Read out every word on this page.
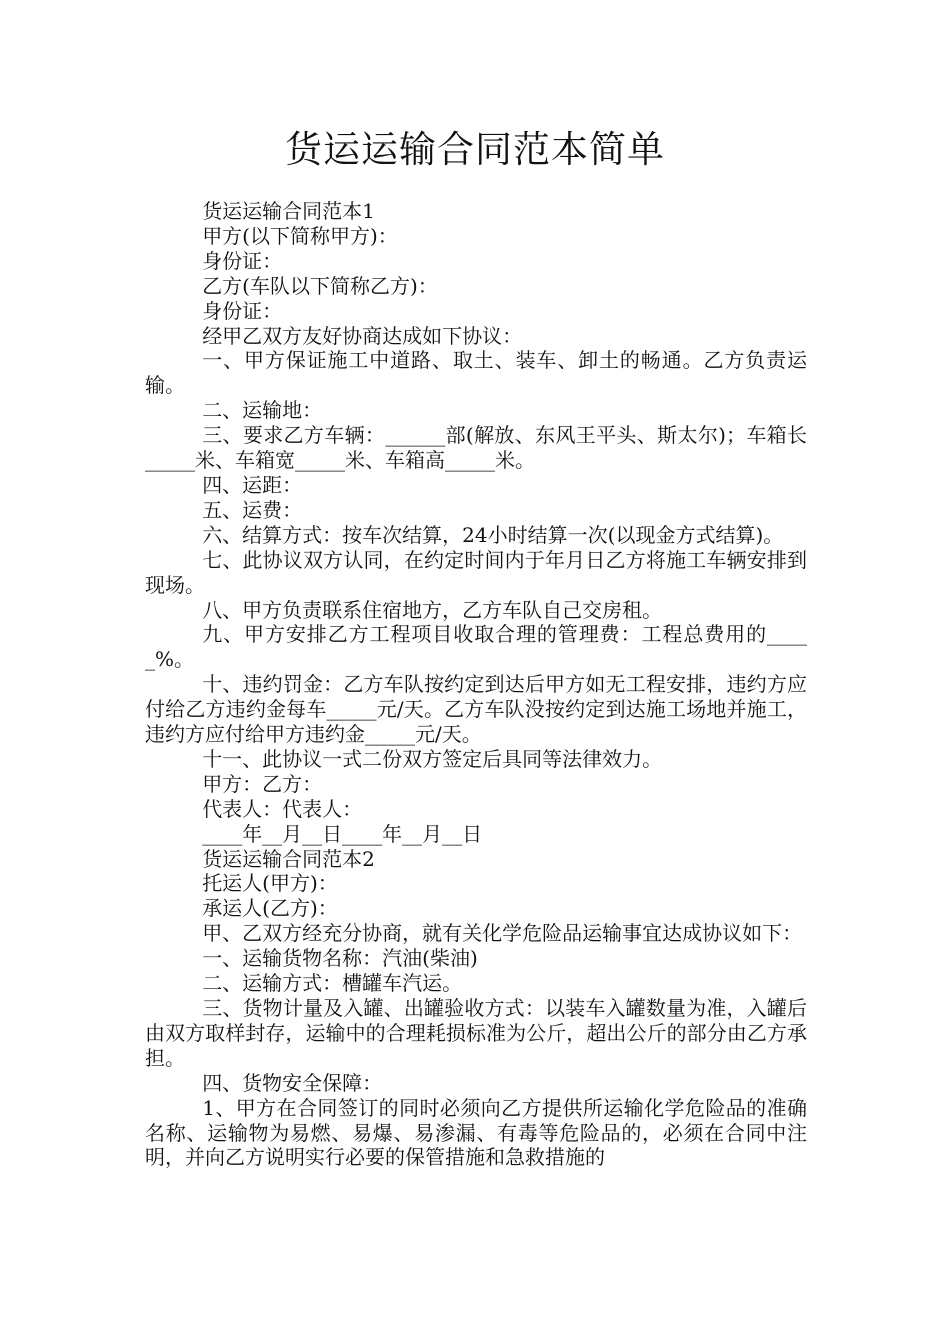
货运运输合同范本简单

货运运输合同范本1

甲方(以下简称甲方)：

身份证：

乙方(车队以下简称乙方)：

身份证：

经甲乙双方友好协商达成如下协议：

一、甲方保证施工中道路、取土、装车、卸土的畅通。乙方负责运输。

二、运输地：

三、要求乙方车辆：______部(解放、东风王平头、斯太尔)；车箱长_____米、车箱宽_____米、车箱高_____米。

四、运距：

五、运费：

六、结算方式：按车次结算，24小时结算一次(以现金方式结算)。

七、此协议双方认同，在约定时间内于年月日乙方将施工车辆安排到现场。

八、甲方负责联系住宿地方，乙方车队自己交房租。

九、甲方安排乙方工程项目收取合理的管理费：工程总费用的_____%。

十、违约罚金：乙方车队按约定到达后甲方如无工程安排，违约方应付给乙方违约金每车_____元/天。乙方车队没按约定到达施工场地并施工，违约方应付给甲方违约金_____元/天。

十一、此协议一式二份双方签定后具同等法律效力。

甲方：乙方：

代表人：代表人：

____年__月__日____年__月__日

货运运输合同范本2

托运人(甲方)：

承运人(乙方)：

甲、乙双方经充分协商，就有关化学危险品运输事宜达成协议如下：

一、运输货物名称：汽油(柴油)

二、运输方式：槽罐车汽运。

三、货物计量及入罐、出罐验收方式：以装车入罐数量为准，入罐后由双方取样封存，运输中的合理耗损标准为公斤，超出公斤的部分由乙方承担。

四、货物安全保障：

1、甲方在合同签订的同时必须向乙方提供所运输化学危险品的准确名称、运输物为易燃、易爆、易渗漏、有毒等危险品的，必须在合同中注明，并向乙方说明实行必要的保管措施和急救措施的
